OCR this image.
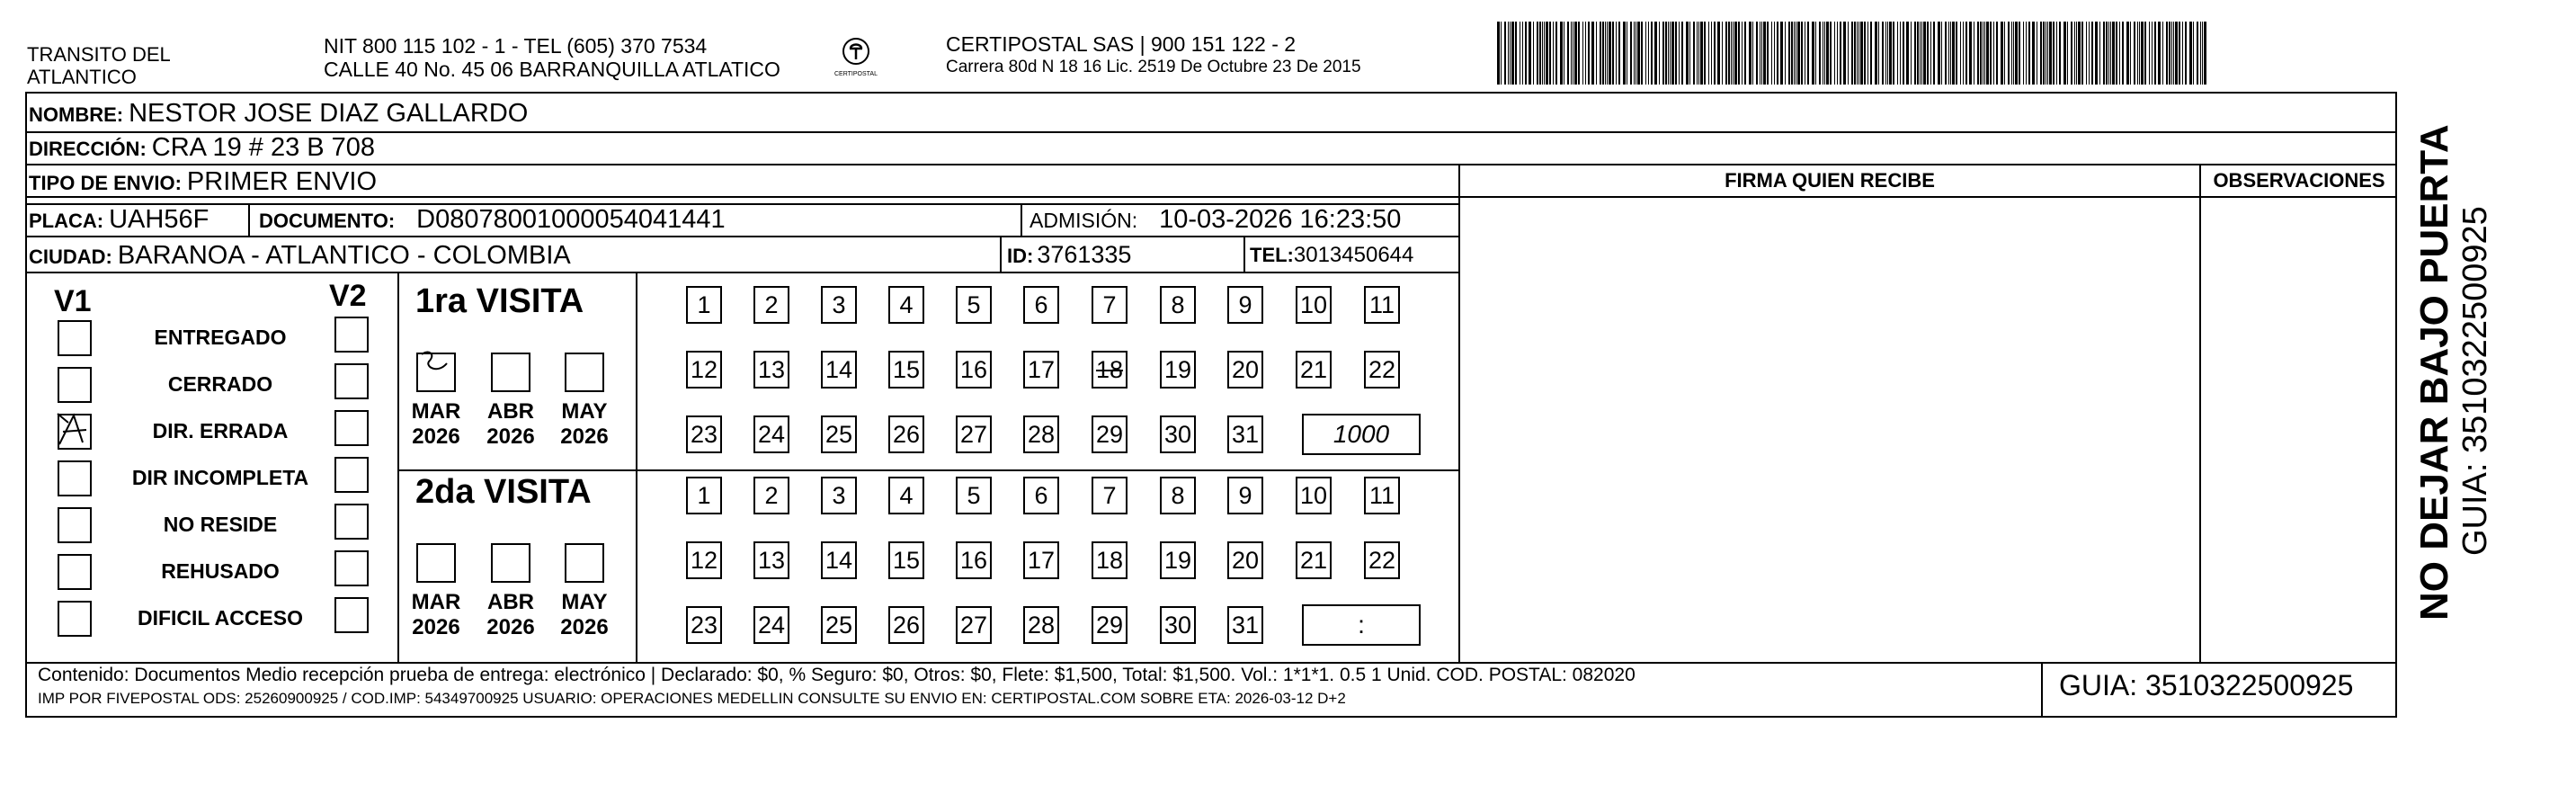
TRANSITO DEL
ATLANTICO
NIT 800 115 102 - 1 - TEL (605) 370 7534
CALLE 40 No. 45 06 BARRANQUILLA ATLATICO	CERTIPOSTAL
CERTIPOSTAL SAS | 900 151 122 - 2
Carrera 80d N 18 16 Lic. 2519 De Octubre 23 De 2015
NOMBRE: NESTOR JOSE DIAZ GALLARDO
DIRECCIÓN: CRA 19 # 23 B 708
TIPO DE ENVIO: PRIMER ENVIO
PLACA: UAH56F	DOCUMENTO: D08078001000054041441	ADMISIÓN: 10-03-2026 16:23:50
CIUDAD: BARANOA - ATLANTICO - COLOMBIA	ID: 3761335	TEL: 3013450644
FIRMA QUIEN RECIBE	OBSERVACIONES
V1	V2
ENTREGADO
CERRADO
DIR. ERRADA
DIR INCOMPLETA
NO RESIDE
REHUSADO
DIFICIL ACCESO
1ra VISITA
2da VISITA
1	2	3	4	5	6	7	8	9	10 11
12 13 14 15 16 17 18 19 20 21 22
23 24 25 26 27 28 29 30 31	1000
MAR
2026
ABR
2026
MAY
2026
1	2	3	4	5	6	7	8	9	10 11
12 13 14 15 16 17 18 19 20 21 22
23 24 25 26 27 28 29 30 31	:
MAR
2026
ABR
2026
MAY
2026
Contenido: Documentos Medio recepción prueba de entrega: electrónico | Declarado: $0, % Seguro: $0, Otros: $0, Flete: $1,500, Total: $1,500. Vol.: 1*1*1. 0.5 1 Unid. COD. POSTAL: 082020
IMP POR FIVEPOSTAL ODS: 25260900925 / COD.IMP: 54349700925 USUARIO: OPERACIONES MEDELLIN CONSULTE SU ENVIO EN: CERTIPOSTAL.COM SOBRE ETA: 2026-03-12 D+2	GUIA: 3510322500925
NO DEJAR BAJO PUERTA GUIA: 3510322500925
